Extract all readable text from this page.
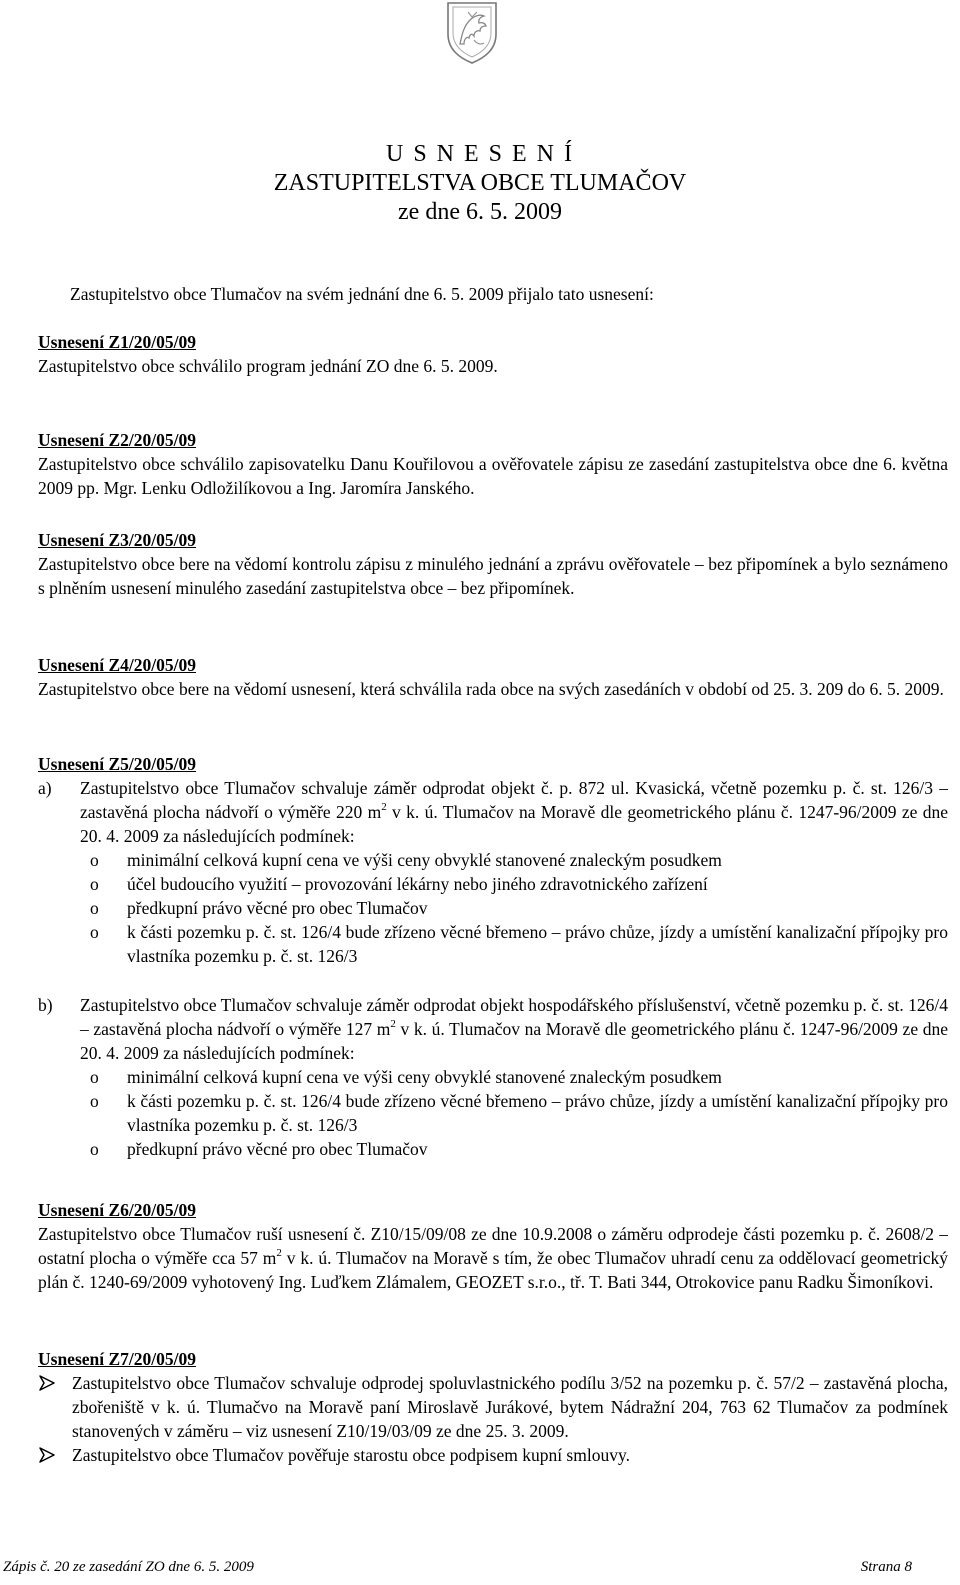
U S N E S E N Í
ZASTUPITELSTVA OBCE TLUMAČOV
ze dne 6. 5. 2009
Zastupitelstvo obce Tlumačov na svém jednání dne 6. 5. 2009 přijalo tato usnesení:

Usnesení Z1/20/05/09

Zastupitelstvo obce schválilo program jednání ZO dne 6. 5. 2009.

Usnesení Z2/20/05/09

Zastupitelstvo obce schválilo zapisovatelku Danu Kouřilovou a ověřovatele zápisu ze zasedání zastupitelstva obce dne 6. května 2009 pp. Mgr. Lenku Odložilíkovou a Ing. Jaromíra Janského.

Usnesení Z3/20/05/09

Zastupitelstvo obce bere na vědomí kontrolu zápisu z minulého jednání a zprávu ověřovatele – bez připomínek a bylo seznámeno s plněním usnesení minulého zasedání zastupitelstva obce – bez připomínek.

Usnesení Z4/20/05/09

Zastupitelstvo obce bere na vědomí usnesení, která schválila rada obce na svých zasedáních v období od 25. 3. 209 do 6. 5. 2009.

Usnesení Z5/20/05/09

a) Zastupitelstvo obce Tlumačov schvaluje záměr odprodat objekt č. p. 872 ul. Kvasická, včetně pozemku p. č. st. 126/3 – zastavěná plocha nádvoří o výměře 220 $m^2$ v k. ú. Tlumačov na Moravě dle geometrického plánu č. 1247-96/2009 ze dne 20. 4. 2009 za následujících podmínek:
o minimální celková kupní cena ve výši ceny obvyklé stanovené znaleckým posudkem
o účel budoucího využití – provozování lékárny nebo jiného zdravotnického zařízení
o předkupní právo věcné pro obec Tlumačov
o k části pozemku p. č. st. 126/4 bude zřízeno věcné břemeno – právo chůze, jízdy a umístění kanalizační přípojky pro vlastníka pozemku p. č. st. 126/3
b) Zastupitelstvo obce Tlumačov schvaluje záměr odprodat objekt hospodářského příslušenství, včetně pozemku p. č. st. 126/4 – zastavěná plocha nádvoří o výměře 127 $m^2$ v k. ú. Tlumačov na Moravě dle geometrického plánu č. 1247-96/2009 ze dne 20. 4. 2009 za následujících podmínek:
o minimální celková kupní cena ve výši ceny obvyklé stanovené znaleckým posudkem
o k části pozemku p. č. st. 126/4 bude zřízeno věcné břemeno – právo chůze, jízdy a umístění kanalizační přípojky pro vlastníka pozemku p. č. st. 126/3
o předkupní právo věcné pro obec Tlumačov

Usnesení Z6/20/05/09

Zastupitelstvo obce Tlumačov ruší usnesení č. Z10/15/09/08 ze dne 10.9.2008 o záměru odprodeje části pozemku p. č. 2608/2 – ostatní plocha o výměře cca 57 $m^2$ v k. ú. Tlumačov na Moravě s tím, že obec Tlumačov uhradí cenu za oddělovací geometrický plán č. 1240-69/2009 vyhotovený Ing. Luďkem Zlámalem, GEOZET s.r.o., tř. T. Bati 344, Otrokovice panu Radku Šimoníkovi.

Usnesení Z7/20/05/09

Zastupitelstvo obce Tlumačov schvaluje odprodej spoluvlastnického podílu 3/52 na pozemku p. č. 57/2 – zastavěná plocha, zbořeniště v k. ú. Tlumačvo na Moravě paní Miroslavě Jurákové, bytem Nádražní 204, 763 62 Tlumačov za podmínek stanovených v záměru – viz usnesení Z10/19/03/09 ze dne 25. 3. 2009.
Zastupitelstvo obce Tlumačov pověřuje starostu obce podpisem kupní smlouvy.
Zápis č. 20 ze zasedání ZO dne 6. 5. 2009	Strana 8
